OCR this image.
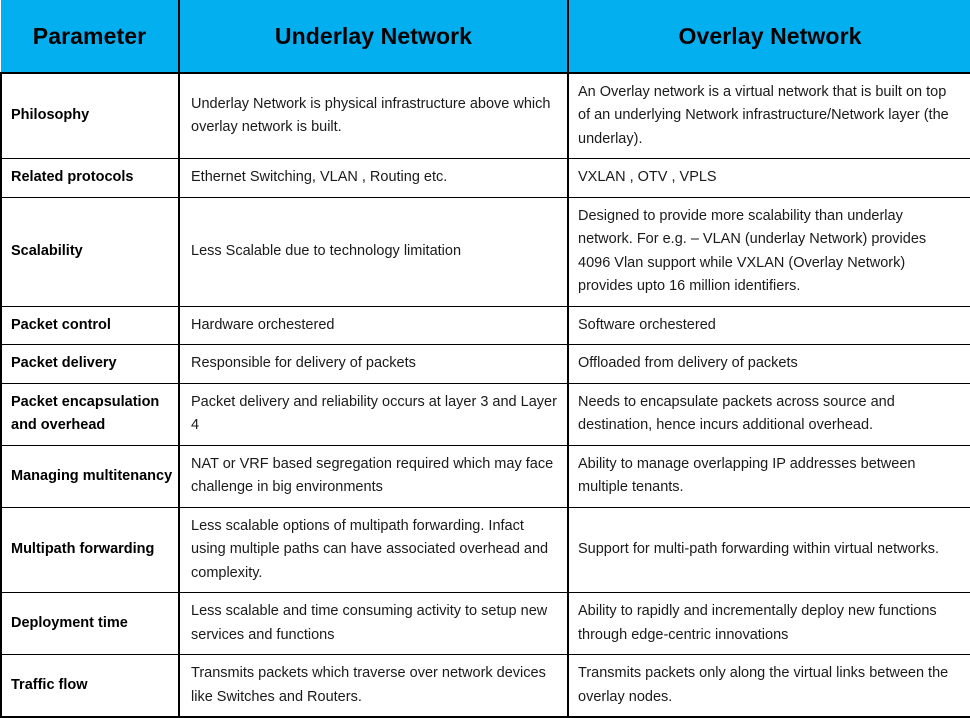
Parameter	Underlay Network	Overlay Network
Philosophy	Underlay Network is physical infrastructure above which overlay network is built.	An Overlay network is a virtual network that is built on top of an underlying Network infrastructure/Network layer (the underlay).
Related protocols	Ethernet Switching, VLAN , Routing etc.	VXLAN , OTV , VPLS
Scalability	Less Scalable due to technology limitation	Designed to provide more scalability than underlay network. For e.g. – VLAN (underlay Network) provides 4096 Vlan support while VXLAN (Overlay Network) provides upto 16 million identifiers.
Packet control	Hardware orchestered	Software orchestered
Packet delivery	Responsible for delivery of packets	Offloaded from delivery of packets
Packet encapsulation and overhead	Packet delivery and reliability occurs at layer 3 and Layer 4	Needs to encapsulate packets across source and destination, hence incurs additional overhead.
Managing multitenancy	NAT or VRF based segregation required which may face challenge in big environments	Ability to manage overlapping IP addresses between multiple tenants.
Multipath forwarding	Less scalable options of multipath forwarding. Infact using multiple paths can have associated overhead and complexity.	Support for multi-path forwarding within virtual networks.
Deployment time	Less scalable and time consuming activity to setup new services and functions	Ability to rapidly and incrementally deploy new functions through edge-centric innovations
Traffic flow	Transmits packets which traverse over network devices like Switches and Routers.	Transmits packets only along the virtual links between the overlay nodes.
